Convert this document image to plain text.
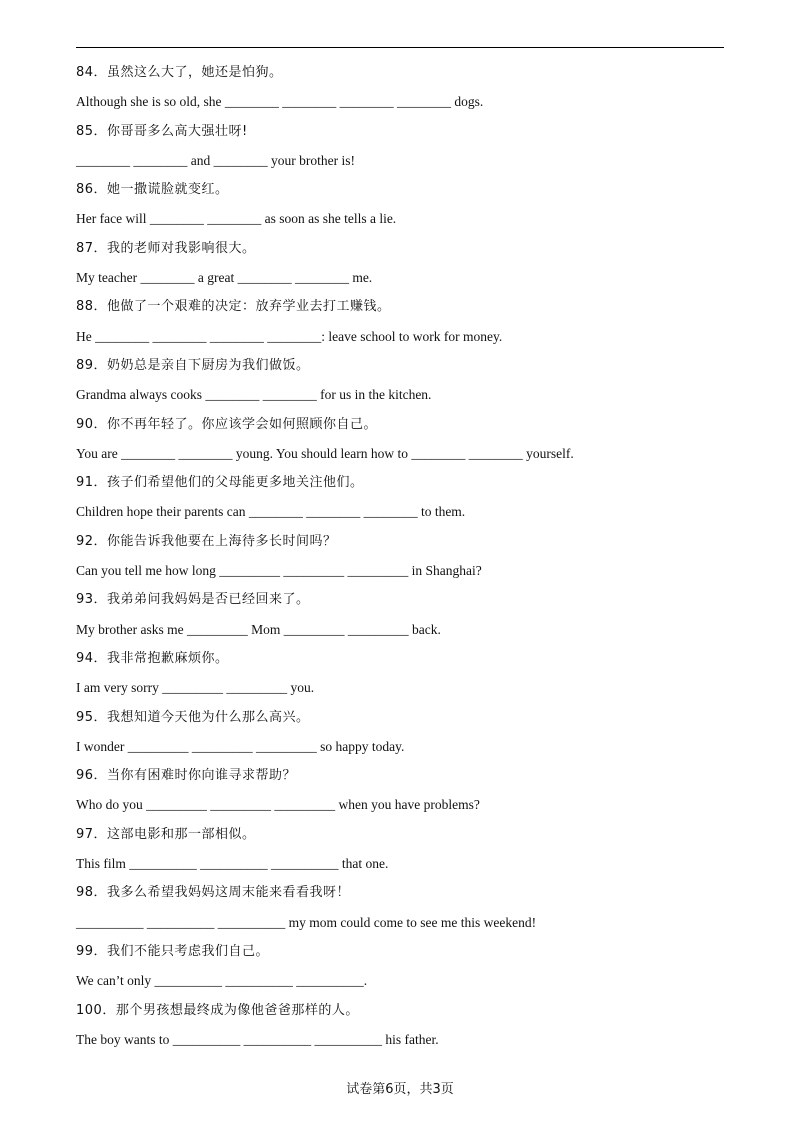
84．虽然这么大了，她还是怕狗。

Although she is so old, she ________ ________ ________ ________ dogs.

85．你哥哥多么高大强壮呀!

________ ________ and ________ your brother is!

86．她一撒谎脸就变红。

Her face will ________ ________ as soon as she tells a lie.

87．我的老师对我影响很大。

My teacher ________ a great ________ ________ me.

88．他做了一个艰难的决定：放弃学业去打工赚钱。

He ________ ________ ________ ________: leave school to work for money.

89．奶奶总是亲自下厨房为我们做饭。

Grandma always cooks ________ ________ for us in the kitchen.

90．你不再年轻了。你应该学会如何照顾你自己。

You are ________ ________ young. You should learn how to ________ ________ yourself.

91．孩子们希望他们的父母能更多地关注他们。

Children hope their parents can ________ ________ ________ to them.

92．你能告诉我他要在上海待多长时间吗？

Can you tell me how long _________ _________ _________ in Shanghai?

93．我弟弟问我妈妈是否已经回来了。

My brother asks me _________ Mom _________ _________ back.

94．我非常抱歉麻烦你。

I am very sorry _________ _________ you.

95．我想知道今天他为什么那么高兴。

I wonder _________ _________ _________ so happy today.

96．当你有困难时你向谁寻求帮助？

Who do you _________ _________ _________ when you have problems?

97．这部电影和那一部相似。

This film __________ __________ __________ that one.

98．我多么希望我妈妈这周末能来看看我呀！

__________ __________ __________ my mom could come to see me this weekend!

99．我们不能只考虑我们自己。

We can’t only __________ __________ __________.

100．那个男孩想最终成为像他爸爸那样的人。

The boy wants to __________ __________ __________ his father.

试卷第6页，共3页
